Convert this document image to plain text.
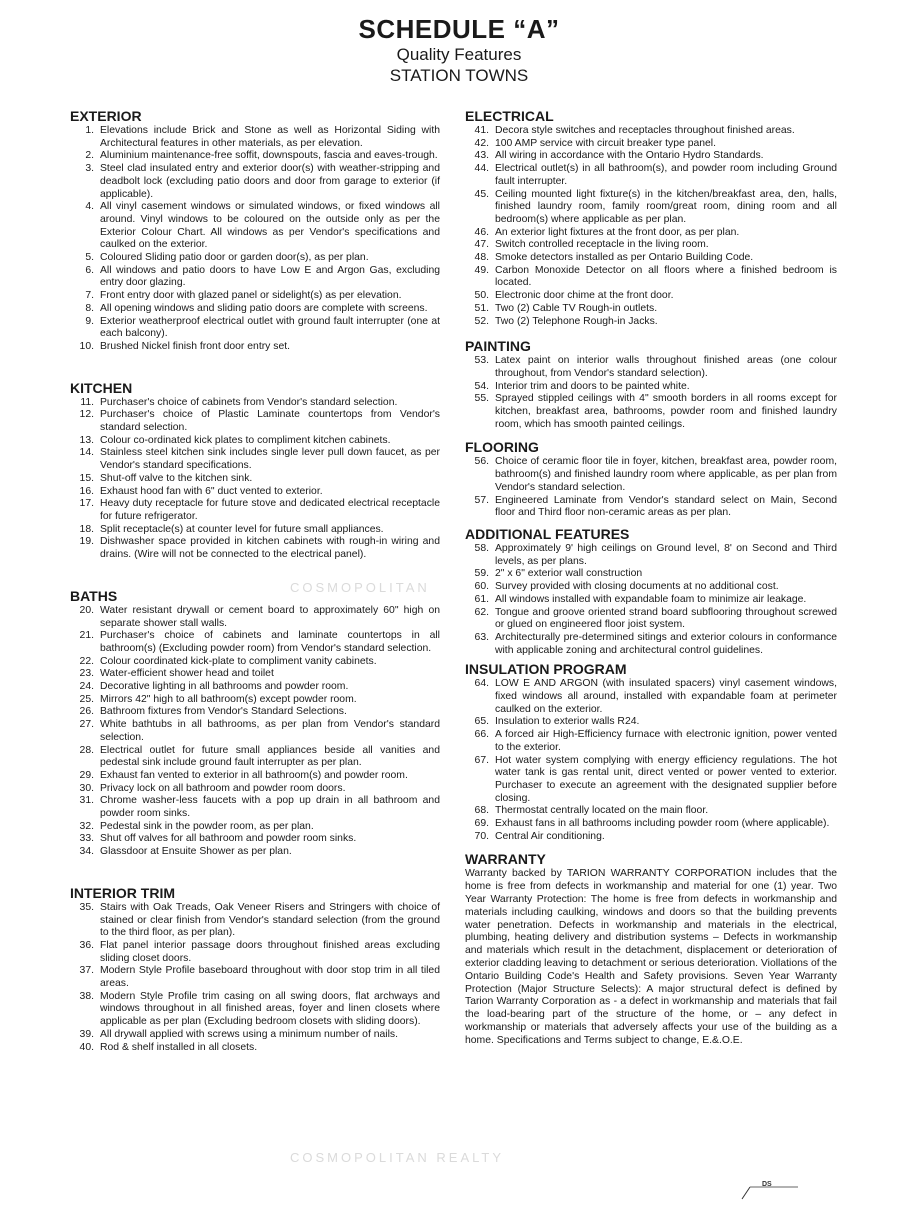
SCHEDULE “A”
Quality Features
STATION TOWNS
EXTERIOR
1. Elevations include Brick and Stone as well as Horizontal Siding with Architectural features in other materials, as per elevation.
2. Aluminium maintenance-free soffit, downspouts, fascia and eaves-trough.
3. Steel clad insulated entry and exterior door(s) with weather-stripping and deadbolt lock (excluding patio doors and door from garage to exterior (if applicable).
4. All vinyl casement windows or simulated windows, or fixed windows all around. Vinyl windows to be coloured on the outside only as per the Exterior Colour Chart. All windows as per Vendor's specifications and caulked on the exterior.
5. Coloured Sliding patio door or garden door(s), as per plan.
6. All windows and patio doors to have Low E and Argon Gas, excluding entry door glazing.
7. Front entry door with glazed panel or sidelight(s) as per elevation.
8. All opening windows and sliding patio doors are complete with screens.
9. Exterior weatherproof electrical outlet with ground fault interrupter (one at each balcony).
10. Brushed Nickel finish front door entry set.
KITCHEN
11. Purchaser's choice of cabinets from Vendor's standard selection.
12. Purchaser's choice of Plastic Laminate countertops from Vendor's standard selection.
13. Colour co-ordinated kick plates to compliment kitchen cabinets.
14. Stainless steel kitchen sink includes single lever pull down faucet, as per Vendor's standard specifications.
15. Shut-off valve to the kitchen sink.
16. Exhaust hood fan with 6" duct vented to exterior.
17. Heavy duty receptacle for future stove and dedicated electrical receptacle for future refrigerator.
18. Split receptacle(s) at counter level for future small appliances.
19. Dishwasher space provided in kitchen cabinets with rough-in wiring and drains. (Wire will not be connected to the electrical panel).
BATHS
20. Water resistant drywall or cement board to approximately 60" high on separate shower stall walls.
21. Purchaser's choice of cabinets and laminate countertops in all bathroom(s) (Excluding powder room) from Vendor's standard selection.
22. Colour coordinated kick-plate to compliment vanity cabinets.
23. Water-efficient shower head and toilet
24. Decorative lighting in all bathrooms and powder room.
25. Mirrors 42" high to all bathroom(s) except powder room.
26. Bathroom fixtures from Vendor's Standard Selections.
27. White bathtubs in all bathrooms, as per plan from Vendor's standard selection.
28. Electrical outlet for future small appliances beside all vanities and pedestal sink include ground fault interrupter as per plan.
29. Exhaust fan vented to exterior in all bathroom(s) and powder room.
30. Privacy lock on all bathroom and powder room doors.
31. Chrome washer-less faucets with a pop up drain in all bathroom and powder room sinks.
32. Pedestal sink in the powder room, as per plan.
33. Shut off valves for all bathroom and powder room sinks.
34. Glassdoor at Ensuite Shower as per plan.
INTERIOR TRIM
35. Stairs with Oak Treads, Oak Veneer Risers and Stringers with choice of stained or clear finish from Vendor's standard selection (from the ground to the third floor, as per plan).
36. Flat panel interior passage doors throughout finished areas excluding sliding closet doors.
37. Modern Style Profile baseboard throughout with door stop trim in all tiled areas.
38. Modern Style Profile trim casing on all swing doors, flat archways and windows throughout in all finished areas, foyer and linen closets where applicable as per plan (Excluding bedroom closets with sliding doors).
39. All drywall applied with screws using a minimum number of nails.
40. Rod & shelf installed in all closets.
ELECTRICAL
41. Decora style switches and receptacles throughout finished areas.
42. 100 AMP service with circuit breaker type panel.
43. All wiring in accordance with the Ontario Hydro Standards.
44. Electrical outlet(s) in all bathroom(s), and powder room including Ground fault interrupter.
45. Ceiling mounted light fixture(s) in the kitchen/breakfast area, den, halls, finished laundry room, family room/great room, dining room and all bedroom(s) where applicable as per plan.
46. An exterior light fixtures at the front door, as per plan.
47. Switch controlled receptacle in the living room.
48. Smoke detectors installed as per Ontario Building Code.
49. Carbon Monoxide Detector on all floors where a finished bedroom is located.
50. Electronic door chime at the front door.
51. Two (2) Cable TV Rough-in outlets.
52. Two (2) Telephone Rough-in Jacks.
PAINTING
53. Latex paint on interior walls throughout finished areas (one colour throughout, from Vendor's standard selection).
54. Interior trim and doors to be painted white.
55. Sprayed stippled ceilings with 4" smooth borders in all rooms except for kitchen, breakfast area, bathrooms, powder room and finished laundry room, which has smooth painted ceilings.
FLOORING
56. Choice of ceramic floor tile in foyer, kitchen, breakfast area, powder room, bathroom(s) and finished laundry room where applicable, as per plan from Vendor's standard selection.
57. Engineered Laminate from Vendor's standard select on Main, Second floor and Third floor non-ceramic areas as per plan.
ADDITIONAL FEATURES
58. Approximately 9' high ceilings on Ground level, 8' on Second and Third levels, as per plans.
59. 2" x 6" exterior wall construction
60. Survey provided with closing documents at no additional cost.
61. All windows installed with expandable foam to minimize air leakage.
62. Tongue and groove oriented strand board subflooring throughout screwed or glued on engineered floor joist system.
63. Architecturally pre-determined sitings and exterior colours in conformance with applicable zoning and architectural control guidelines.
INSULATION PROGRAM
64. LOW E AND ARGON (with insulated spacers) vinyl casement windows, fixed windows all around, installed with expandable foam at perimeter caulked on the exterior.
65. Insulation to exterior walls R24.
66. A forced air High-Efficiency furnace with electronic ignition, power vented to the exterior.
67. Hot water system complying with energy efficiency regulations. The hot water tank is gas rental unit, direct vented or power vented to exterior. Purchaser to execute an agreement with the designated supplier before closing.
68. Thermostat centrally located on the main floor.
69. Exhaust fans in all bathrooms including powder room (where applicable).
70. Central Air conditioning.
WARRANTY

Warranty backed by TARION WARRANTY CORPORATION includes that the home is free from defects in workmanship and material for one (1) year. Two Year Warranty Protection: The home is free from defects in workmanship and materials including caulking, windows and doors so that the building prevents water penetration. Defects in workmanship and materials in the electrical, plumbing, heating delivery and distribution systems – Defects in workmanship and materials which result in the detachment, displacement or deterioration of exterior cladding leaving to detachment or serious deterioration. Viollations of the Ontario Building Code's Health and Safety provisions. Seven Year Warranty Protection (Major Structure Selects): A major structural defect is defined by Tarion Warranty Corporation as - a defect in workmanship and materials that fail the load-bearing part of the structure of the home, or – any defect in workmanship or materials that adversely affects your use of the building as a home. Specifications and Terms subject to change, E.&.O.E.

COSMOPOLITAN
COSMOPOLITAN REALTY
DS
